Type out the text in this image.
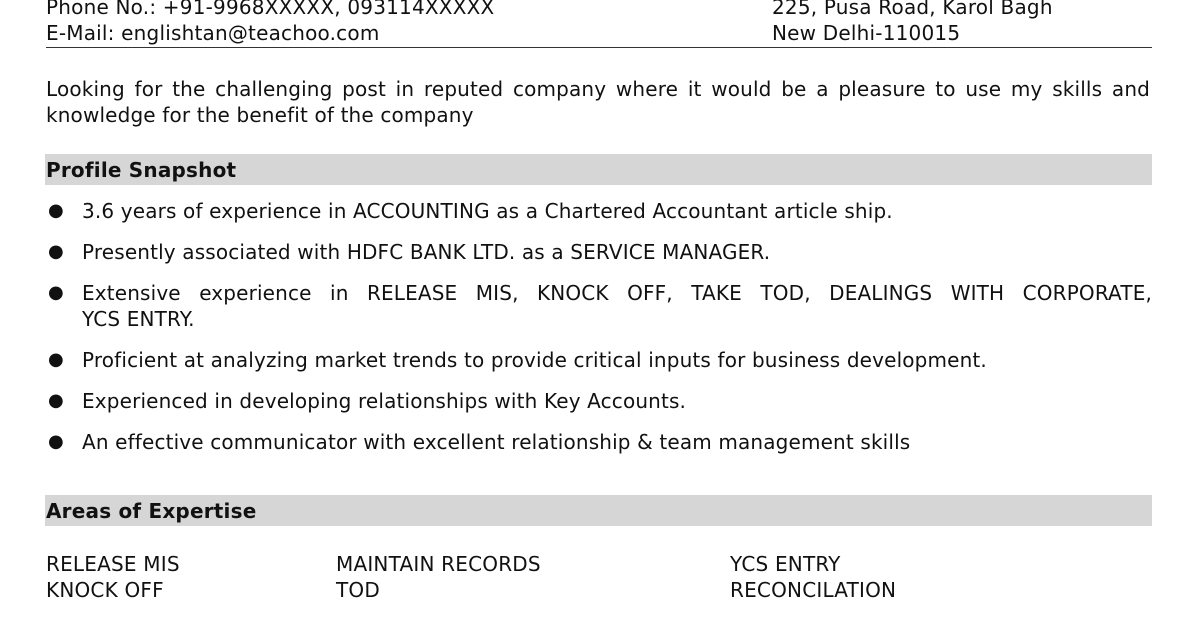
Phone No.: +91-9968XXXXX, 093114XXXXX
E-Mail: englishtan@teachoo.com
225, Pusa Road, Karol Bagh
New Delhi-110015
Looking for the challenging post in reputed company where it would be a pleasure to use my skills and knowledge for the benefit of the company
Profile Snapshot
● 3.6 years of experience in ACCOUNTING as a Chartered Accountant article ship.
● Presently associated with HDFC BANK LTD. as a SERVICE MANAGER.
● Extensive experience in RELEASE MIS, KNOCK OFF, TAKE TOD, DEALINGS WITH CORPORATE,
YCS ENTRY.
● Proficient at analyzing market trends to provide critical inputs for business development.
● Experienced in developing relationships with Key Accounts.
● An effective communicator with excellent relationship & team management skills
Areas of Expertise
RELEASE MIS
KNOCK OFF
MAINTAIN RECORDS
TOD
YCS ENTRY
RECONCILATION
